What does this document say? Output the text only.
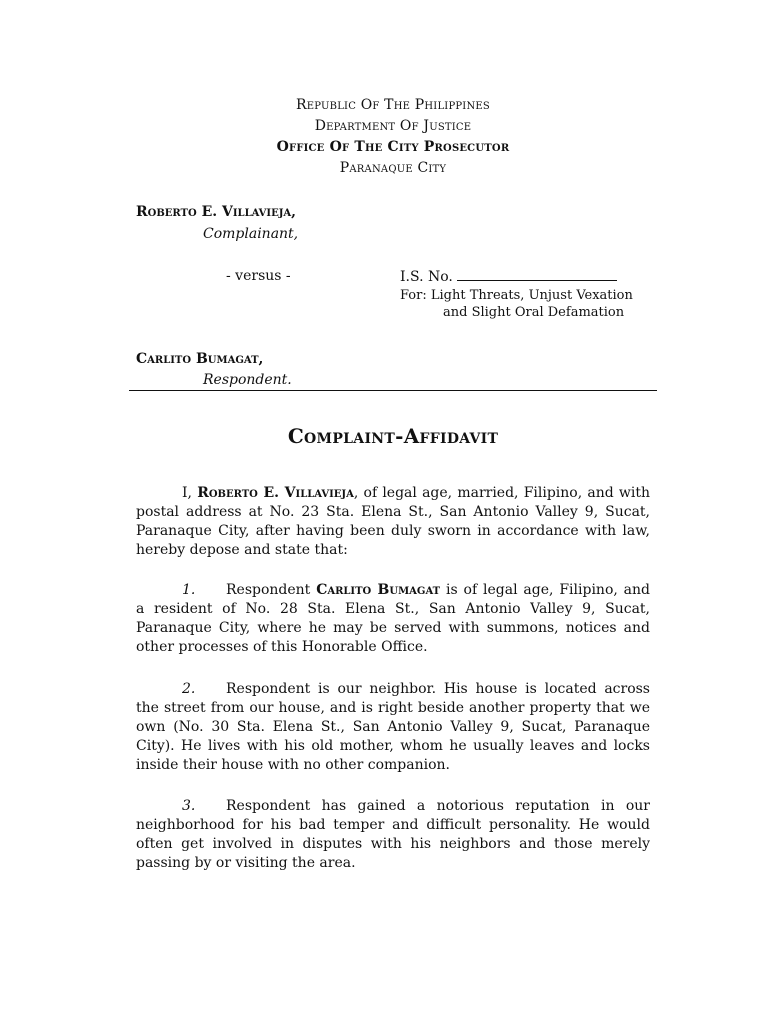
Republic Of The Philippines
Department Of Justice
Office Of The City Prosecutor
Paranaque City
Roberto E. Villavieja,
Complainant,
- versus -	I.S. No.
For: Light Threats, Unjust Vexation
and Slight Oral Defamation
Carlito Bumagat,
Respondent.
Complaint-Affidavit
I, Roberto E. Villavieja, of legal age, married, Filipino, and with postal address at No. 23 Sta. Elena St., San Antonio Valley 9, Sucat, Paranaque City, after having been duly sworn in accordance with law, hereby depose and state that:
1. Respondent Carlito Bumagat is of legal age, Filipino, and a resident of No. 28 Sta. Elena St., San Antonio Valley 9, Sucat, Paranaque City, where he may be served with summons, notices and other processes of this Honorable Office.
2. Respondent is our neighbor. His house is located across the street from our house, and is right beside another property that we own (No. 30 Sta. Elena St., San Antonio Valley 9, Sucat, Paranaque City). He lives with his old mother, whom he usually leaves and locks inside their house with no other companion.
3. Respondent has gained a notorious reputation in our neighborhood for his bad temper and difficult personality. He would often get involved in disputes with his neighbors and those merely passing by or visiting the area.
